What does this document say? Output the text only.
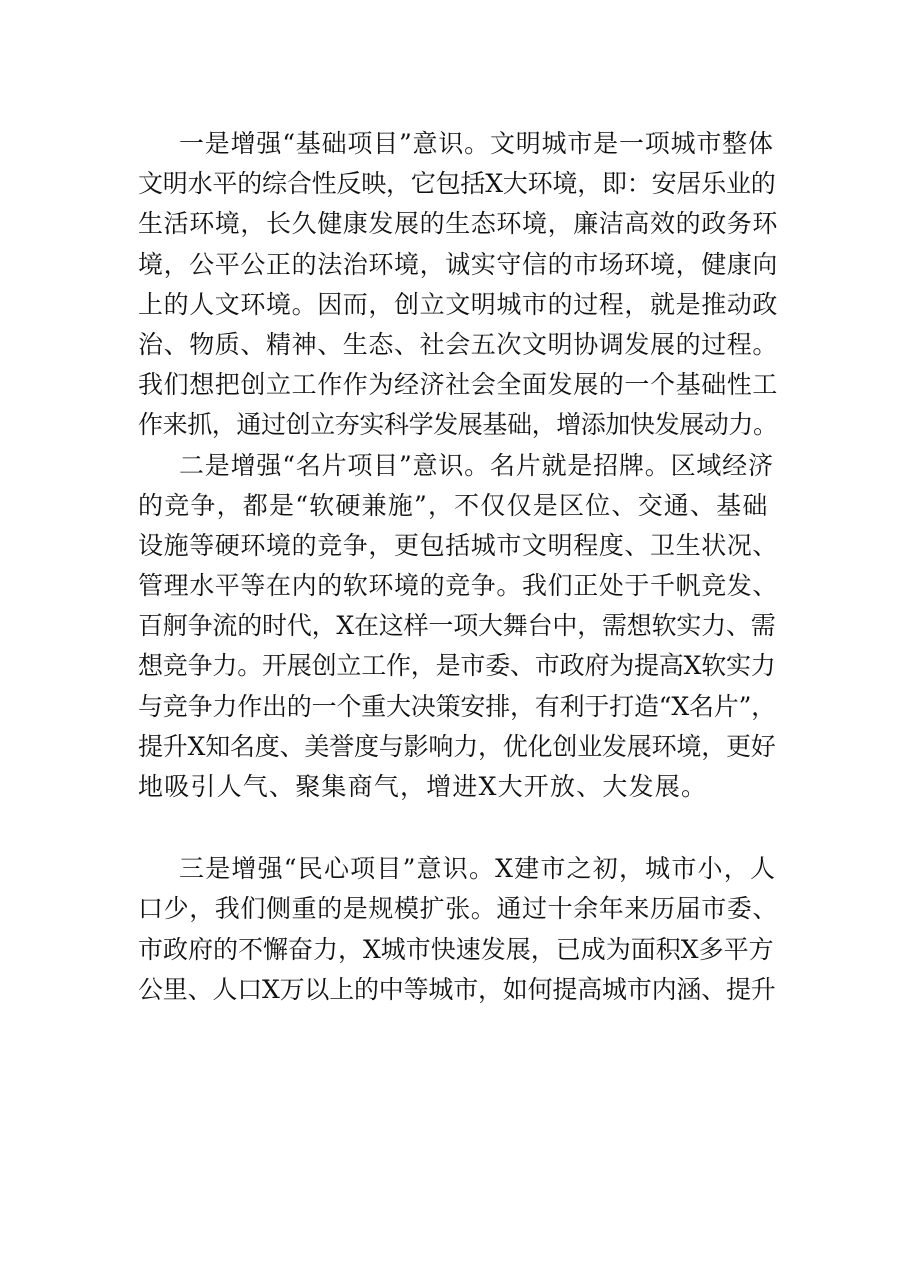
一是增强“基础项目”意识。文明城市是一项城市整体
文明水平的综合性反映，它包括X大环境，即：安居乐业的
生活环境，长久健康发展的生态环境，廉洁高效的政务环
境，公平公正的法治环境，诚实守信的市场环境，健康向
上的人文环境。因而，创立文明城市的过程，就是推动政
治、物质、精神、生态、社会五次文明协调发展的过程。
我们想把创立工作作为经济社会全面发展的一个基础性工
作来抓，通过创立夯实科学发展基础，增添加快发展动力。
二是增强“名片项目”意识。名片就是招牌。区域经济
的竞争，都是“软硬兼施”，不仅仅是区位、交通、基础
设施等硬环境的竞争，更包括城市文明程度、卫生状况、
管理水平等在内的软环境的竞争。我们正处于千帆竞发、
百舸争流的时代，X在这样一项大舞台中，需想软实力、需
想竞争力。开展创立工作，是市委、市政府为提高X软实力
与竞争力作出的一个重大决策安排，有利于打造“X名片”，
提升X知名度、美誉度与影响力，优化创业发展环境，更好
地吸引人气、聚集商气，增进X大开放、大发展。
三是增强“民心项目”意识。X建市之初，城市小，人
口少，我们侧重的是规模扩张。通过十余年来历届市委、
市政府的不懈奋力，X城市快速发展，已成为面积X多平方
公里、人口X万以上的中等城市，如何提高城市内涵、提升
